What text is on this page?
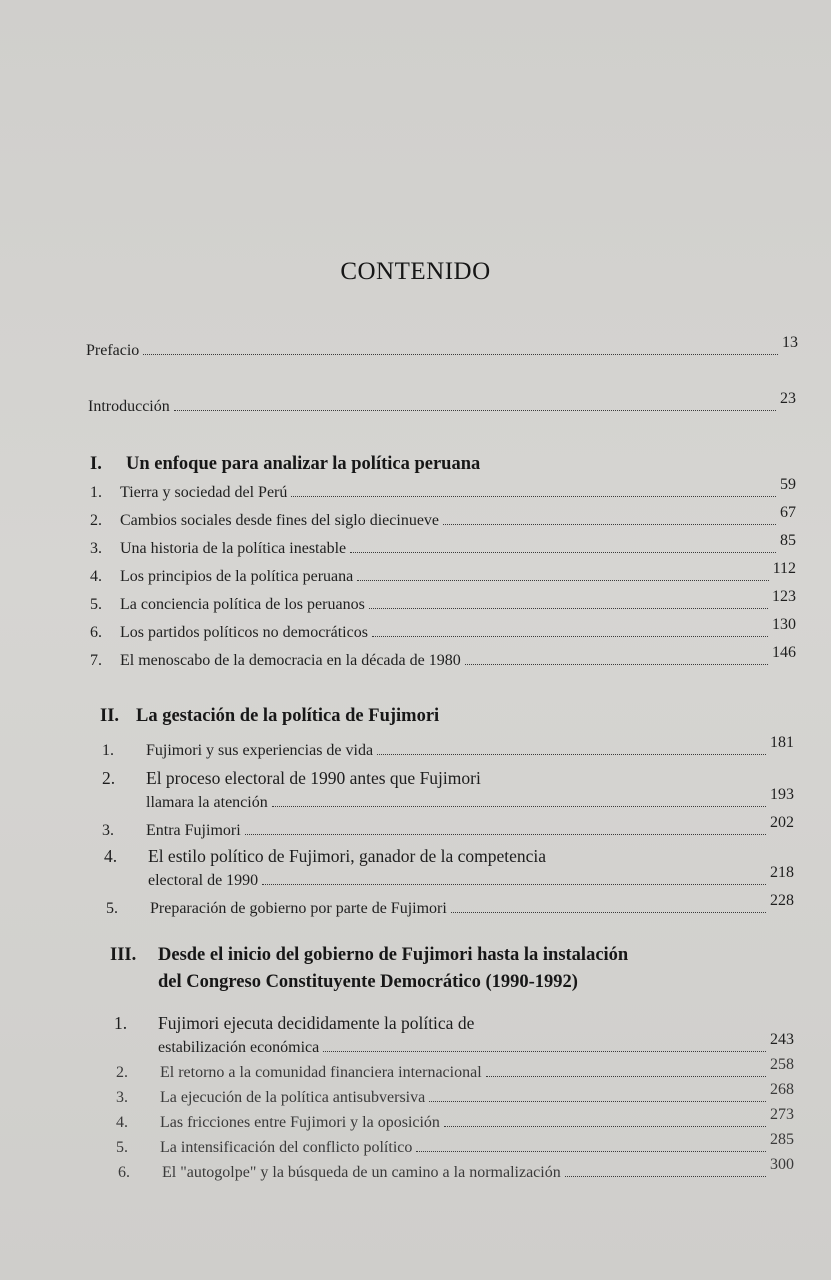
CONTENIDO
Prefacio	13
Introducción	23
I. Un enfoque para analizar la política peruana
1.	Tierra y sociedad del Perú	59
2.	Cambios sociales desde fines del siglo diecinueve	67
3.	Una historia de la política inestable	85
4.	Los principios de la política peruana	112
5.	La conciencia política de los peruanos	123
6.	Los partidos políticos no democráticos	130
7.	El menoscabo de la democracia en la década de 1980	146
II. La gestación de la política de Fujimori
1.	Fujimori y sus experiencias de vida	181
2. El proceso electoral de 1990 antes que Fujimori
llamara la atención	193
3.	Entra Fujimori	202
4. El estilo político de Fujimori, ganador de la competencia
electoral de 1990	218
5.	Preparación de gobierno por parte de Fujimori	228
III. Desde el inicio del gobierno de Fujimori hasta la instalación
del Congreso Constituyente Democrático (1990-1992)
1. Fujimori ejecuta decididamente la política de
estabilización económica	243
2.	El retorno a la comunidad financiera internacional	258
3.	La ejecución de la política antisubversiva	268
4.	Las fricciones entre Fujimori y la oposición	273
5.	La intensificación del conflicto político	285
6.	El "autogolpe" y la búsqueda de un camino a la normalización	300
